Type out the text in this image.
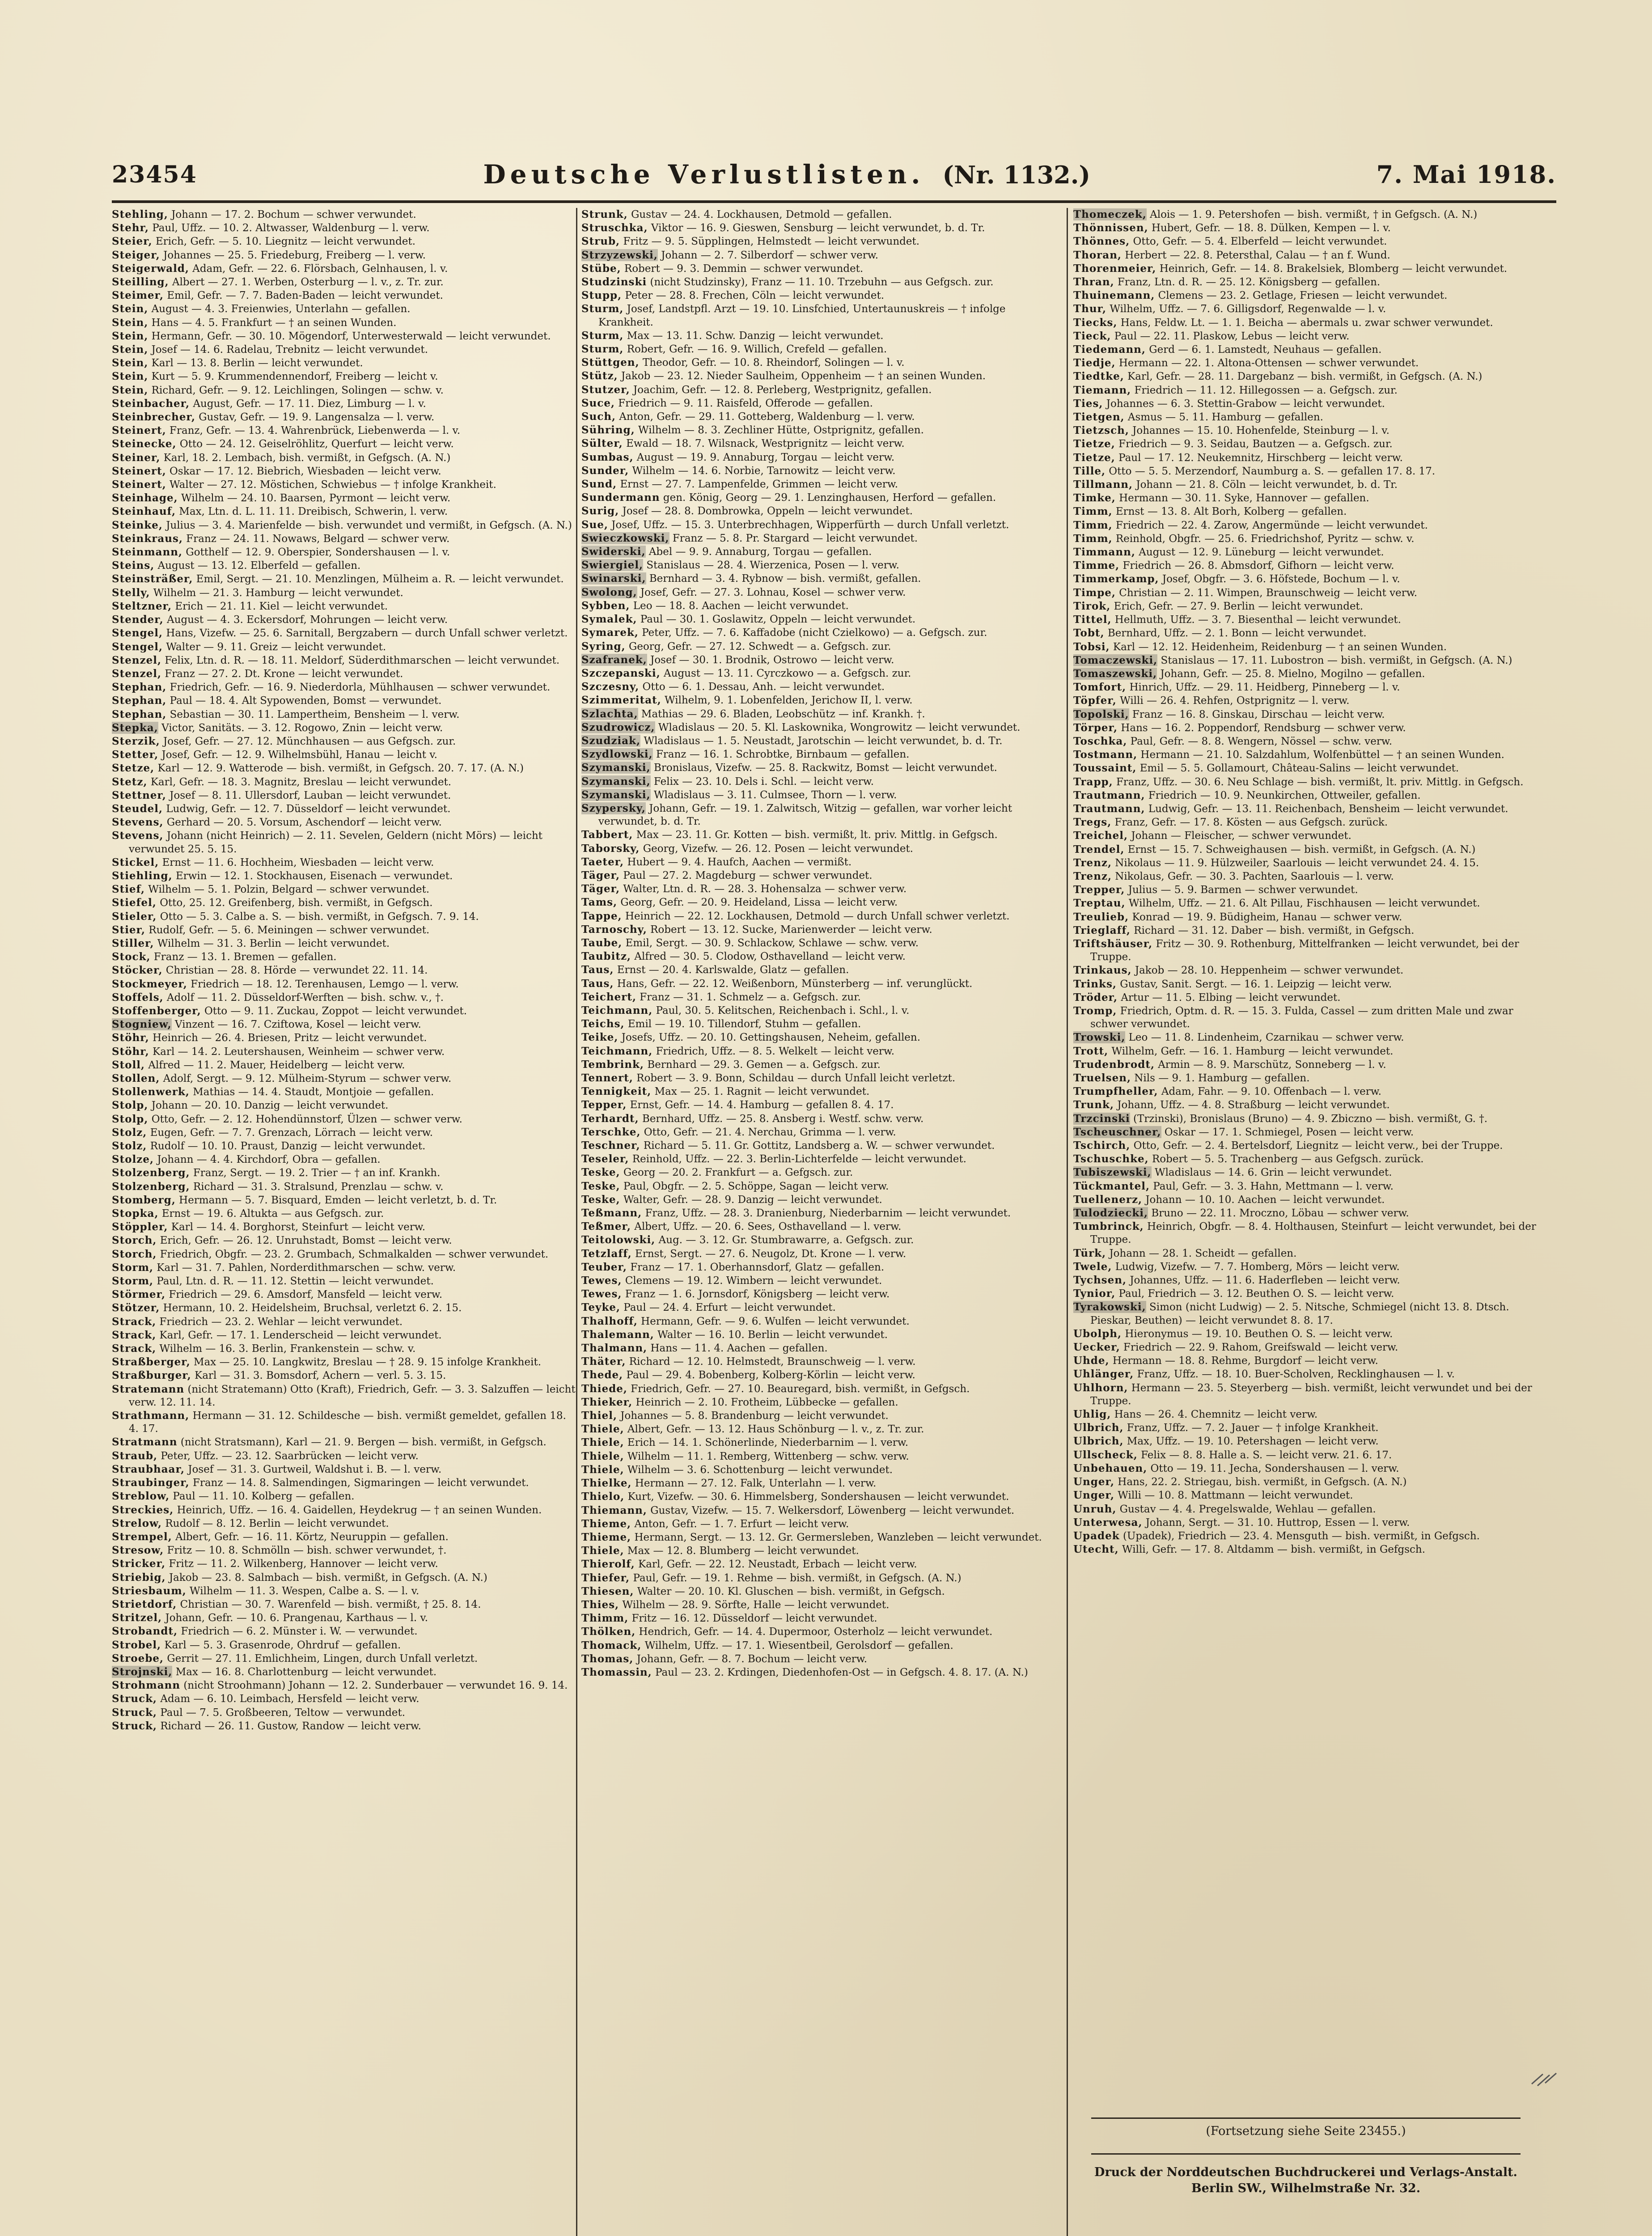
23454	Deutsche Verlustlisten. (Nr. 1132.)	7. Mai 1918.

Stehling, Johann — 17. 2. Bochum — schwer verwundet.

Stehr, Paul, Uffz. — 10. 2. Altwasser, Waldenburg — l. verw.

Steier, Erich, Gefr. — 5. 10. Liegnitz — leicht verwundet.

Steiger, Johannes — 25. 5. Friedeburg, Freiberg — l. verw.

Steigerwald, Adam, Gefr. — 22. 6. Flörsbach, Gelnhausen, l. v.

Steilling, Albert — 27. 1. Werben, Osterburg — l. v., z. Tr. zur.

Steimer, Emil, Gefr. — 7. 7. Baden-Baden — leicht verwundet.

Stein, August — 4. 3. Freienwies, Unterlahn — gefallen.

Stein, Hans — 4. 5. Frankfurt — † an seinen Wunden.

Stein, Hermann, Gefr. — 30. 10. Mögendorf, Unterwesterwald — leicht verwundet.

Stein, Josef — 14. 6. Radelau, Trebnitz — leicht verwundet.

Stein, Karl — 13. 8. Berlin — leicht verwundet.

Stein, Kurt — 5. 9. Krummendennendorf, Freiberg — leicht v.

Stein, Richard, Gefr. — 9. 12. Leichlingen, Solingen — schw. v.

Steinbacher, August, Gefr. — 17. 11. Diez, Limburg — l. v.

Steinbrecher, Gustav, Gefr. — 19. 9. Langensalza — l. verw.

Steinert, Franz, Gefr. — 13. 4. Wahrenbrück, Liebenwerda — l. v.

Steinecke, Otto — 24. 12. Geiselröhlitz, Querfurt — leicht verw.

Steiner, Karl, 18. 2. Lembach, bish. vermißt, in Gefgsch. (A. N.)

Steinert, Oskar — 17. 12. Biebrich, Wiesbaden — leicht verw.

Steinert, Walter — 27. 12. Möstichen, Schwiebus — † infolge Krankheit.

Steinhage, Wilhelm — 24. 10. Baarsen, Pyrmont — leicht verw.

Steinhauf, Max, Ltn. d. L. 11. 11. Dreibisch, Schwerin, l. verw.

Steinke, Julius — 3. 4. Marienfelde — bish. verwundet und vermißt, in Gefgsch. (A. N.)

Steinkraus, Franz — 24. 11. Nowaws, Belgard — schwer verw.

Steinmann, Gotthelf — 12. 9. Oberspier, Sondershausen — l. v.

Steins, August — 13. 12. Elberfeld — gefallen.

Steinsträßer, Emil, Sergt. — 21. 10. Menzlingen, Mülheim a. R. — leicht verwundet.

Stelly, Wilhelm — 21. 3. Hamburg — leicht verwundet.

Steltzner, Erich — 21. 11. Kiel — leicht verwundet.

Stender, August — 4. 3. Eckersdorf, Mohrungen — leicht verw.

Stengel, Hans, Vizefw. — 25. 6. Sarnitall, Bergzabern — durch Unfall schwer verletzt.

Stengel, Walter — 9. 11. Greiz — leicht verwundet.

Stenzel, Felix, Ltn. d. R. — 18. 11. Meldorf, Süderdithmarschen — leicht verwundet.

Stenzel, Franz — 27. 2. Dt. Krone — leicht verwundet.

Stephan, Friedrich, Gefr. — 16. 9. Niederdorla, Mühlhausen — schwer verwundet.

Stephan, Paul — 18. 4. Alt Sypowenden, Bomst — verwundet.

Stephan, Sebastian — 30. 11. Lampertheim, Bensheim — l. verw.

Stepka, Victor, Sanitäts. — 3. 12. Rogowo, Znin — leicht verw.

Sterzik, Josef, Gefr. — 27. 12. Münchhausen — aus Gefgsch. zur.

Stetter, Josef, Gefr. — 12. 9. Wilhelmsbühl, Hanau — leicht v.

Stetze, Karl — 12. 9. Watterode — bish. vermißt, in Gefgsch. 20. 7. 17. (A. N.)

Stetz, Karl, Gefr. — 18. 3. Magnitz, Breslau — leicht verwundet.

Stettner, Josef — 8. 11. Ullersdorf, Lauban — leicht verwundet.

Steudel, Ludwig, Gefr. — 12. 7. Düsseldorf — leicht verwundet.

Stevens, Gerhard — 20. 5. Vorsum, Aschendorf — leicht verw.

Stevens, Johann (nicht Heinrich) — 2. 11. Sevelen, Geldern (nicht Mörs) — leicht verwundet 25. 5. 15.

Stickel, Ernst — 11. 6. Hochheim, Wiesbaden — leicht verw.

Stiehling, Erwin — 12. 1. Stockhausen, Eisenach — verwundet.

Stief, Wilhelm — 5. 1. Polzin, Belgard — schwer verwundet.

Stiefel, Otto, 25. 12. Greifenberg, bish. vermißt, in Gefgsch.

Stieler, Otto — 5. 3. Calbe a. S. — bish. vermißt, in Gefgsch. 7. 9. 14.

Stier, Rudolf, Gefr. — 5. 6. Meiningen — schwer verwundet.

Stiller, Wilhelm — 31. 3. Berlin — leicht verwundet.

Stock, Franz — 13. 1. Bremen — gefallen.

Stöcker, Christian — 28. 8. Hörde — verwundet 22. 11. 14.

Stockmeyer, Friedrich — 18. 12. Terenhausen, Lemgo — l. verw.

Stoffels, Adolf — 11. 2. Düsseldorf-Werften — bish. schw. v., †.

Stoffenberger, Otto — 9. 11. Zuckau, Zoppot — leicht verwundet.

Stogniew, Vinzent — 16. 7. Cziftowa, Kosel — leicht verw.

Stöhr, Heinrich — 26. 4. Briesen, Pritz — leicht verwundet.

Stöhr, Karl — 14. 2. Leutershausen, Weinheim — schwer verw.

Stoll, Alfred — 11. 2. Mauer, Heidelberg — leicht verw.

Stollen, Adolf, Sergt. — 9. 12. Mülheim-Styrum — schwer verw.

Stollenwerk, Mathias — 14. 4. Staudt, Montjoie — gefallen.

Stolp, Johann — 20. 10. Danzig — leicht verwundet.

Stolp, Otto, Gefr. — 2. 12. Hohendünnstorf, Ülzen — schwer verw.

Stolz, Eugen, Gefr. — 7. 7. Grenzach, Lörrach — leicht verw.

Stolz, Rudolf — 10. 10. Praust, Danzig — leicht verwundet.

Stolze, Johann — 4. 4. Kirchdorf, Obra — gefallen.

Stolzenberg, Franz, Sergt. — 19. 2. Trier — † an inf. Krankh.

Stolzenberg, Richard — 31. 3. Stralsund, Prenzlau — schw. v.

Stomberg, Hermann — 5. 7. Bisquard, Emden — leicht verletzt, b. d. Tr.

Stopka, Ernst — 19. 6. Altukta — aus Gefgsch. zur.

Stöppler, Karl — 14. 4. Borghorst, Steinfurt — leicht verw.

Storch, Erich, Gefr. — 26. 12. Unruhstadt, Bomst — leicht verw.

Storch, Friedrich, Obgfr. — 23. 2. Grumbach, Schmalkalden — schwer verwundet.

Storm, Karl — 31. 7. Pahlen, Norderdithmarschen — schw. verw.

Storm, Paul, Ltn. d. R. — 11. 12. Stettin — leicht verwundet.

Störmer, Friedrich — 29. 6. Amsdorf, Mansfeld — leicht verw.

Stötzer, Hermann, 10. 2. Heidelsheim, Bruchsal, verletzt 6. 2. 15.

Strack, Friedrich — 23. 2. Wehlar — leicht verwundet.

Strack, Karl, Gefr. — 17. 1. Lenderscheid — leicht verwundet.

Strack, Wilhelm — 16. 3. Berlin, Frankenstein — schw. v.

Straßberger, Max — 25. 10. Langkwitz, Breslau — † 28. 9. 15 infolge Krankheit.

Straßburger, Karl — 31. 3. Bomsdorf, Achern — verl. 5. 3. 15.

Stratemann (nicht Stratemann) Otto (Kraft), Friedrich, Gefr. — 3. 3. Salzuffen — leicht verw. 12. 11. 14.

Strathmann, Hermann — 31. 12. Schildesche — bish. vermißt gemeldet, gefallen 18. 4. 17.

Stratmann (nicht Stratsmann), Karl — 21. 9. Bergen — bish. vermißt, in Gefgsch.

Straub, Peter, Uffz. — 23. 12. Saarbrücken — leicht verw.

Straubhaar, Josef — 31. 3. Gurtweil, Waldshut i. B. — l. verw.

Straubinger, Franz — 14. 8. Salmendingen, Sigmaringen — leicht verwundet.

Streblow, Paul — 11. 10. Kolberg — gefallen.

Streckies, Heinrich, Uffz. — 16. 4. Gaidellen, Heydekrug — † an seinen Wunden.

Strelow, Rudolf — 8. 12. Berlin — leicht verwundet.

Strempel, Albert, Gefr. — 16. 11. Körtz, Neuruppin — gefallen.

Stresow, Fritz — 10. 8. Schmölln — bish. schwer verwundet, †.

Stricker, Fritz — 11. 2. Wilkenberg, Hannover — leicht verw.

Striebig, Jakob — 23. 8. Salmbach — bish. vermißt, in Gefgsch. (A. N.)

Striesbaum, Wilhelm — 11. 3. Wespen, Calbe a. S. — l. v.

Strietdorf, Christian — 30. 7. Warenfeld — bish. vermißt, † 25. 8. 14.

Stritzel, Johann, Gefr. — 10. 6. Prangenau, Karthaus — l. v.

Strobandt, Friedrich — 6. 2. Münster i. W. — verwundet.

Strobel, Karl — 5. 3. Grasenrode, Ohrdruf — gefallen.

Stroebe, Gerrit — 27. 11. Emlichheim, Lingen, durch Unfall verletzt.

Strojnski, Max — 16. 8. Charlottenburg — leicht verwundet.

Strohmann (nicht Stroohmann) Johann — 12. 2. Sunderbauer — verwundet 16. 9. 14.

Struck, Adam — 6. 10. Leimbach, Hersfeld — leicht verw.

Struck, Paul — 7. 5. Großbeeren, Teltow — verwundet.

Struck, Richard — 26. 11. Gustow, Randow — leicht verw.

Strunk, Gustav — 24. 4. Lockhausen, Detmold — gefallen.

Struschka, Viktor — 16. 9. Gieswen, Sensburg — leicht verwundet, b. d. Tr.

Strub, Fritz — 9. 5. Süpplingen, Helmstedt — leicht verwundet.

Strzyzewski, Johann — 2. 7. Silberdorf — schwer verw.

Stübe, Robert — 9. 3. Demmin — schwer verwundet.

Studzinski (nicht Studzinsky), Franz — 11. 10. Trzebuhn — aus Gefgsch. zur.

Stupp, Peter — 28. 8. Frechen, Cöln — leicht verwundet.

Sturm, Josef, Landstpfl. Arzt — 19. 10. Linsfchied, Untertaunuskreis — † infolge Krankheit.

Sturm, Max — 13. 11. Schw. Danzig — leicht verwundet.

Sturm, Robert, Gefr. — 16. 9. Willich, Crefeld — gefallen.

Stüttgen, Theodor, Gefr. — 10. 8. Rheindorf, Solingen — l. v.

Stütz, Jakob — 23. 12. Nieder Saulheim, Oppenheim — † an seinen Wunden.

Stutzer, Joachim, Gefr. — 12. 8. Perleberg, Westprignitz, gefallen.

Suce, Friedrich — 9. 11. Raisfeld, Offerode — gefallen.

Such, Anton, Gefr. — 29. 11. Gotteberg, Waldenburg — l. verw.

Sühring, Wilhelm — 8. 3. Zechliner Hütte, Ostprignitz, gefallen.

Sülter, Ewald — 18. 7. Wilsnack, Westprignitz — leicht verw.

Sumbas, August — 19. 9. Annaburg, Torgau — leicht verw.

Sunder, Wilhelm — 14. 6. Norbie, Tarnowitz — leicht verw.

Sund, Ernst — 27. 7. Lampenfelde, Grimmen — leicht verw.

Sundermann gen. König, Georg — 29. 1. Lenzinghausen, Herford — gefallen.

Surig, Josef — 28. 8. Dombrowka, Oppeln — leicht verwundet.

Sue, Josef, Uffz. — 15. 3. Unterbrechhagen, Wipperfürth — durch Unfall verletzt.

Swieczkowski, Franz — 5. 8. Pr. Stargard — leicht verwundet.

Swiderski, Abel — 9. 9. Annaburg, Torgau — gefallen.

Swiergiel, Stanislaus — 28. 4. Wierzenica, Posen — l. verw.

Swinarski, Bernhard — 3. 4. Rybnow — bish. vermißt, gefallen.

Swolong, Josef, Gefr. — 27. 3. Lohnau, Kosel — schwer verw.

Sybben, Leo — 18. 8. Aachen — leicht verwundet.

Symalek, Paul — 30. 1. Goslawitz, Oppeln — leicht verwundet.

Symarek, Peter, Uffz. — 7. 6. Kaffadobe (nicht Czielkowo) — a. Gefgsch. zur.

Syring, Georg, Gefr. — 27. 12. Schwedt — a. Gefgsch. zur.

Szafranek, Josef — 30. 1. Brodnik, Ostrowo — leicht verw.

Szczepanski, August — 13. 11. Cyrczkowo — a. Gefgsch. zur.

Szczesny, Otto — 6. 1. Dessau, Anh. — leicht verwundet.

Szimmeritat, Wilhelm, 9. 1. Lobenfelden, Jerichow II, l. verw.

Szlachta, Mathias — 29. 6. Bladen, Leobschütz — inf. Krankh. †.

Szudrowicz, Wladislaus — 20. 5. Kl. Laskownika, Wongrowitz — leicht verwundet.

Szudziak, Wladislaus — 1. 5. Neustadt, Jarotschin — leicht verwundet, b. d. Tr.

Szydlowski, Franz — 16. 1. Schrobtke, Birnbaum — gefallen.

Szymanski, Bronislaus, Vizefw. — 25. 8. Rackwitz, Bomst — leicht verwundet.

Szymanski, Felix — 23. 10. Dels i. Schl. — leicht verw.

Szymanski, Wladislaus — 3. 11. Culmsee, Thorn — l. verw.

Szypersky, Johann, Gefr. — 19. 1. Zalwitsch, Witzig — gefallen, war vorher leicht verwundet, b. d. Tr.

Tabbert, Max — 23. 11. Gr. Kotten — bish. vermißt, lt. priv. Mittlg. in Gefgsch.

Taborsky, Georg, Vizefw. — 26. 12. Posen — leicht verwundet.

Taeter, Hubert — 9. 4. Haufch, Aachen — vermißt.

Täger, Paul — 27. 2. Magdeburg — schwer verwundet.

Täger, Walter, Ltn. d. R. — 28. 3. Hohensalza — schwer verw.

Tams, Georg, Gefr. — 20. 9. Heideland, Lissa — leicht verw.

Tappe, Heinrich — 22. 12. Lockhausen, Detmold — durch Unfall schwer verletzt.

Tarnoschy, Robert — 13. 12. Sucke, Marienwerder — leicht verw.

Taube, Emil, Sergt. — 30. 9. Schlackow, Schlawe — schw. verw.

Taubitz, Alfred — 30. 5. Clodow, Osthavelland — leicht verw.

Taus, Ernst — 20. 4. Karlswalde, Glatz — gefallen.

Taus, Hans, Gefr. — 22. 12. Weißenborn, Münsterberg — inf. verunglückt.

Teichert, Franz — 31. 1. Schmelz — a. Gefgsch. zur.

Teichmann, Paul, 30. 5. Kelitschen, Reichenbach i. Schl., l. v.

Teichs, Emil — 19. 10. Tillendorf, Stuhm — gefallen.

Teike, Josefs, Uffz. — 20. 10. Gettingshausen, Neheim, gefallen.

Teichmann, Friedrich, Uffz. — 8. 5. Welkelt — leicht verw.

Tembrink, Bernhard — 29. 3. Gemen — a. Gefgsch. zur.

Tennert, Robert — 3. 9. Bonn, Schildau — durch Unfall leicht verletzt.

Tennigkeit, Max — 25. 1. Ragnit — leicht verwundet.

Tepper, Ernst, Gefr. — 14. 4. Hamburg — gefallen 8. 4. 17.

Terhardt, Bernhard, Uffz. — 25. 8. Ansberg i. Westf. schw. verw.

Terschke, Otto, Gefr. — 21. 4. Nerchau, Grimma — l. verw.

Teschner, Richard — 5. 11. Gr. Gottitz, Landsberg a. W. — schwer verwundet.

Teseler, Reinhold, Uffz. — 22. 3. Berlin-Lichterfelde — leicht verwundet.

Teske, Georg — 20. 2. Frankfurt — a. Gefgsch. zur.

Teske, Paul, Obgfr. — 2. 5. Schöppe, Sagan — leicht verw.

Teske, Walter, Gefr. — 28. 9. Danzig — leicht verwundet.

Teßmann, Franz, Uffz. — 28. 3. Dranienburg, Niederbarnim — leicht verwundet.

Teßmer, Albert, Uffz. — 20. 6. Sees, Osthavelland — l. verw.

Teitolowski, Aug. — 3. 12. Gr. Stumbrawarre, a. Gefgsch. zur.

Tetzlaff, Ernst, Sergt. — 27. 6. Neugolz, Dt. Krone — l. verw.

Teuber, Franz — 17. 1. Oberhannsdorf, Glatz — gefallen.

Tewes, Clemens — 19. 12. Wimbern — leicht verwundet.

Tewes, Franz — 1. 6. Jornsdorf, Königsberg — leicht verw.

Teyke, Paul — 24. 4. Erfurt — leicht verwundet.

Thalhoff, Hermann, Gefr. — 9. 6. Wulfen — leicht verwundet.

Thalemann, Walter — 16. 10. Berlin — leicht verwundet.

Thalmann, Hans — 11. 4. Aachen — gefallen.

Thäter, Richard — 12. 10. Helmstedt, Braunschweig — l. verw.

Thede, Paul — 29. 4. Bobenberg, Kolberg-Körlin — leicht verw.

Thiede, Friedrich, Gefr. — 27. 10. Beauregard, bish. vermißt, in Gefgsch.

Thieker, Heinrich — 2. 10. Frotheim, Lübbecke — gefallen.

Thiel, Johannes — 5. 8. Brandenburg — leicht verwundet.

Thiele, Albert, Gefr. — 13. 12. Haus Schönburg — l. v., z. Tr. zur.

Thiele, Erich — 14. 1. Schönerlinde, Niederbarnim — l. verw.

Thiele, Wilhelm — 11. 1. Remberg, Wittenberg — schw. verw.

Thiele, Wilhelm — 3. 6. Schottenburg — leicht verwundet.

Thielke, Hermann — 27. 12. Falk, Unterlahn — l. verw.

Thielo, Kurt, Vizefw. — 30. 6. Himmelsberg, Sondershausen — leicht verwundet.

Thiemann, Gustav, Vizefw. — 15. 7. Welkersdorf, Löwenberg — leicht verwundet.

Thieme, Anton, Gefr. — 1. 7. Erfurt — leicht verw.

Thieme, Hermann, Sergt. — 13. 12. Gr. Germersleben, Wanzleben — leicht verwundet.

Thiele, Max — 12. 8. Blumberg — leicht verwundet.

Thierolf, Karl, Gefr. — 22. 12. Neustadt, Erbach — leicht verw.

Thiefer, Paul, Gefr. — 19. 1. Rehme — bish. vermißt, in Gefgsch. (A. N.)

Thiesen, Walter — 20. 10. Kl. Gluschen — bish. vermißt, in Gefgsch.

Thies, Wilhelm — 28. 9. Sörfte, Halle — leicht verwundet.

Thimm, Fritz — 16. 12. Düsseldorf — leicht verwundet.

Thölken, Hendrich, Gefr. — 14. 4. Dupermoor, Osterholz — leicht verwundet.

Thomack, Wilhelm, Uffz. — 17. 1. Wiesentbeil, Gerolsdorf — gefallen.

Thomas, Johann, Gefr. — 8. 7. Bochum — leicht verw.

Thomassin, Paul — 23. 2. Krdingen, Diedenhofen-Ost — in Gefgsch. 4. 8. 17. (A. N.)

Thomeczek, Alois — 1. 9. Petershofen — bish. vermißt, † in Gefgsch. (A. N.)

Thönnissen, Hubert, Gefr. — 18. 8. Dülken, Kempen — l. v.

Thönnes, Otto, Gefr. — 5. 4. Elberfeld — leicht verwundet.

Thoran, Herbert — 22. 8. Petersthal, Calau — † an f. Wund.

Thorenmeier, Heinrich, Gefr. — 14. 8. Brakelsiek, Blomberg — leicht verwundet.

Thran, Franz, Ltn. d. R. — 25. 12. Königsberg — gefallen.

Thuinemann, Clemens — 23. 2. Getlage, Friesen — leicht verwundet.

Thur, Wilhelm, Uffz. — 7. 6. Gilligsdorf, Regenwalde — l. v.

Tiecks, Hans, Feldw. Lt. — 1. 1. Beicha — abermals u. zwar schwer verwundet.

Tieck, Paul — 22. 11. Plaskow, Lebus — leicht verw.

Tiedemann, Gerd — 6. 1. Lamstedt, Neuhaus — gefallen.

Tiedje, Hermann — 22. 1. Altona-Ottensen — schwer verwundet.

Tiedtke, Karl, Gefr. — 28. 11. Dargebanz — bish. vermißt, in Gefgsch. (A. N.)

Tiemann, Friedrich — 11. 12. Hillegossen — a. Gefgsch. zur.

Ties, Johannes — 6. 3. Stettin-Grabow — leicht verwundet.

Tietgen, Asmus — 5. 11. Hamburg — gefallen.

Tietzsch, Johannes — 15. 10. Hohenfelde, Steinburg — l. v.

Tietze, Friedrich — 9. 3. Seidau, Bautzen — a. Gefgsch. zur.

Tietze, Paul — 17. 12. Neukemnitz, Hirschberg — leicht verw.

Tille, Otto — 5. 5. Merzendorf, Naumburg a. S. — gefallen 17. 8. 17.

Tillmann, Johann — 21. 8. Cöln — leicht verwundet, b. d. Tr.

Timke, Hermann — 30. 11. Syke, Hannover — gefallen.

Timm, Ernst — 13. 8. Alt Borh, Kolberg — gefallen.

Timm, Friedrich — 22. 4. Zarow, Angermünde — leicht verwundet.

Timm, Reinhold, Obgfr. — 25. 6. Friedrichshof, Pyritz — schw. v.

Timmann, August — 12. 9. Lüneburg — leicht verwundet.

Timme, Friedrich — 26. 8. Abmsdorf, Gifhorn — leicht verw.

Timmerkamp, Josef, Obgfr. — 3. 6. Höfstede, Bochum — l. v.

Timpe, Christian — 2. 11. Wimpen, Braunschweig — leicht verw.

Tirok, Erich, Gefr. — 27. 9. Berlin — leicht verwundet.

Tittel, Hellmuth, Uffz. — 3. 7. Biesenthal — leicht verwundet.

Tobt, Bernhard, Uffz. — 2. 1. Bonn — leicht verwundet.

Tobsi, Karl — 12. 12. Heidenheim, Reidenburg — † an seinen Wunden.

Tomaczewski, Stanislaus — 17. 11. Lubostron — bish. vermißt, in Gefgsch. (A. N.)

Tomaszewski, Johann, Gefr. — 25. 8. Mielno, Mogilno — gefallen.

Tomfort, Hinrich, Uffz. — 29. 11. Heidberg, Pinneberg — l. v.

Töpfer, Willi — 26. 4. Rehfen, Ostprignitz — l. verw.

Topolski, Franz — 16. 8. Ginskau, Dirschau — leicht verw.

Törper, Hans — 16. 2. Poppendorf, Rendsburg — schwer verw.

Toschka, Paul, Gefr. — 8. 8. Wengern, Nössel — schw. verw.

Tostmann, Hermann — 21. 10. Salzdahlum, Wolfenbüttel — † an seinen Wunden.

Toussaint, Emil — 5. 5. Gollamourt, Château-Salins — leicht verwundet.

Trapp, Franz, Uffz. — 30. 6. Neu Schlage — bish. vermißt, lt. priv. Mittlg. in Gefgsch.

Trautmann, Friedrich — 10. 9. Neunkirchen, Ottweiler, gefallen.

Trautmann, Ludwig, Gefr. — 13. 11. Reichenbach, Bensheim — leicht verwundet.

Tregs, Franz, Gefr. — 17. 8. Kösten — aus Gefgsch. zurück.

Treichel, Johann — Fleischer, — schwer verwundet.

Trendel, Ernst — 15. 7. Schweighausen — bish. vermißt, in Gefgsch. (A. N.)

Trenz, Nikolaus — 11. 9. Hülzweiler, Saarlouis — leicht verwundet 24. 4. 15.

Trenz, Nikolaus, Gefr. — 30. 3. Pachten, Saarlouis — l. verw.

Trepper, Julius — 5. 9. Barmen — schwer verwundet.

Treptau, Wilhelm, Uffz. — 21. 6. Alt Pillau, Fischhausen — leicht verwundet.

Treulieb, Konrad — 19. 9. Büdigheim, Hanau — schwer verw.

Trieglaff, Richard — 31. 12. Daber — bish. vermißt, in Gefgsch.

Triftshäuser, Fritz — 30. 9. Rothenburg, Mittelfranken — leicht verwundet, bei der Truppe.

Trinkaus, Jakob — 28. 10. Heppenheim — schwer verwundet.

Trinks, Gustav, Sanit. Sergt. — 16. 1. Leipzig — leicht verw.

Tröder, Artur — 11. 5. Elbing — leicht verwundet.

Tromp, Friedrich, Optm. d. R. — 15. 3. Fulda, Cassel — zum dritten Male und zwar schwer verwundet.

Trowski, Leo — 11. 8. Lindenheim, Czarnikau — schwer verw.

Trott, Wilhelm, Gefr. — 16. 1. Hamburg — leicht verwundet.

Trudenbrodt, Armin — 8. 9. Marschütz, Sonneberg — l. v.

Truelsen, Nils — 9. 1. Hamburg — gefallen.

Trumpfheller, Adam, Fahr. — 9. 10. Offenbach — l. verw.

Trunk, Johann, Uffz. — 4. 8. Straßburg — leicht verwundet.

Trzcinski (Trzinski), Bronislaus (Bruno) — 4. 9. Zbiczno — bish. vermißt, G. †.

Tscheuschner, Oskar — 17. 1. Schmiegel, Posen — leicht verw.

Tschirch, Otto, Gefr. — 2. 4. Bertelsdorf, Liegnitz — leicht verw., bei der Truppe.

Tschuschke, Robert — 5. 5. Trachenberg — aus Gefgsch. zurück.

Tubiszewski, Wladislaus — 14. 6. Grin — leicht verwundet.

Tückmantel, Paul, Gefr. — 3. 3. Hahn, Mettmann — l. verw.

Tuellenerz, Johann — 10. 10. Aachen — leicht verwundet.

Tulodziecki, Bruno — 22. 11. Mroczno, Löbau — schwer verw.

Tumbrinck, Heinrich, Obgfr. — 8. 4. Holthausen, Steinfurt — leicht verwundet, bei der Truppe.

Türk, Johann — 28. 1. Scheidt — gefallen.

Twele, Ludwig, Vizefw. — 7. 7. Homberg, Mörs — leicht verw.

Tychsen, Johannes, Uffz. — 11. 6. Haderfleben — leicht verw.

Tynior, Paul, Friedrich — 3. 12. Beuthen O. S. — leicht verw.

Tyrakowski, Simon (nicht Ludwig) — 2. 5. Nitsche, Schmiegel (nicht 13. 8. Dtsch. Pieskar, Beuthen) — leicht verwundet 8. 8. 17.

Ubolph, Hieronymus — 19. 10. Beuthen O. S. — leicht verw.

Uecker, Friedrich — 22. 9. Rahom, Greifswald — leicht verw.

Uhde, Hermann — 18. 8. Rehme, Burgdorf — leicht verw.

Uhlänger, Franz, Uffz. — 18. 10. Buer-Scholven, Recklinghausen — l. v.

Uhlhorn, Hermann — 23. 5. Steyerberg — bish. vermißt, leicht verwundet und bei der Truppe.

Uhlig, Hans — 26. 4. Chemnitz — leicht verw.

Ulbrich, Franz, Uffz. — 7. 2. Jauer — † infolge Krankheit.

Ulbrich, Max, Uffz. — 19. 10. Petershagen — leicht verw.

Ullscheck, Felix — 8. 8. Halle a. S. — leicht verw. 21. 6. 17.

Unbehauen, Otto — 19. 11. Jecha, Sondershausen — l. verw.

Unger, Hans, 22. 2. Striegau, bish. vermißt, in Gefgsch. (A. N.)

Unger, Willi — 10. 8. Mattmann — leicht verwundet.

Unruh, Gustav — 4. 4. Pregelswalde, Wehlau — gefallen.

Unterwesa, Johann, Sergt. — 31. 10. Huttrop, Essen — l. verw.

Upadek (Upadek), Friedrich — 23. 4. Mensguth — bish. vermißt, in Gefgsch.

Utecht, Willi, Gefr. — 17. 8. Altdamm — bish. vermißt, in Gefgsch.

(Fortsetzung siehe Seite 23455.)
Druck der Norddeutschen Buchdruckerei und Verlags-Anstalt.
Berlin SW., Wilhelmstraße Nr. 32.
